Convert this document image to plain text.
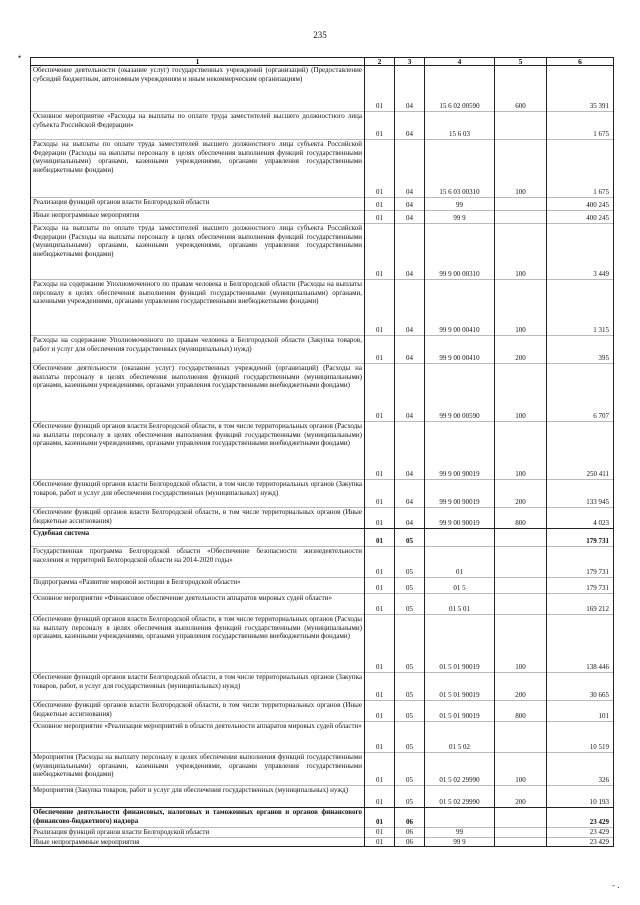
235
•
- .
1	2	3	4	5	6
Обеспечение деятельности (оказание услуг) государственных учреждений (организаций) (Предоставление субсидий бюджетным, автономным учреждениям и иным некоммерческим организациям)	01	04	15 6 02 00590	600	35 391
Основное мероприятие «Расходы на выплаты по оплате труда заместителей высшего должностного лица субъекта Российской Федерации»	01	04	15 6 03		1 675
Расходы на выплаты по оплате труда заместителей высшего должностного лица субъекта Российской Федерации (Расходы на выплаты персоналу в целях обеспечения выполнения функций государственными (муниципальными) органами, казенными учреждениями, органами управления государственными внебюджетными фондами)	01	04	15 6 03 00310	100	1 675
Реализация функций органов власти Белгородской области	01	04	99		400 245
Иные непрограммные мероприятия	01	04	99 9		400 245
Расходы на выплаты по оплате труда заместителей высшего должностного лица субъекта Российской Федерации (Расходы на выплаты персоналу в целях обеспечения выполнения функций государственными (муниципальными) органами, казенными учреждениями, органами управления государственными внебюджетными фондами)	01	04	99 9 00 00310	100	3 449
Расходы на содержание Уполномоченного по правам человека в Белгородской области (Расходы на выплаты персоналу в целях обеспечения выполнения функций государственными (муниципальными) органами, казенными учреждениями, органами управления государственными внебюджетными фондами)	01	04	99 9 00 00410	100	1 315
Расходы на содержание Уполномоченного по правам человека в Белгородской области (Закупка товаров, работ и услуг для обеспечения государственных (муниципальных) нужд)	01	04	99 9 00 00410	200	395
Обеспечение деятельности (оказание услуг) государственных учреждений (организаций) (Расходы на выплаты персоналу в целях обеспечения выполнения функций государственными (муниципальными) органами, казенными учреждениями, органами управления государственными внебюджетными фондами)	01	04	99 9 00 00590	100	6 707
Обеспечение функций органов власти Белгородской области, в том числе территориальных органов (Расходы на выплаты персоналу в целях обеспечения выполнения функций государственными (муниципальными) органами, казенными учреждениями, органами управления государственными внебюджетными фондами)	01	04	99 9 00 90019	100	250 411
Обеспечение функций органов власти Белгородской области, в том числе территориальных органов (Закупка товаров, работ и услуг для обеспечения государственных (муниципальных) нужд)	01	04	99 9 00 90019	200	133 945
Обеспечение функций органов власти Белгородской области, в том числе территориальных органов (Иные бюджетные ассигнования)	01	04	99 9 00 90019	800	4 023
Судебная система	01	05			179 731
Государственная программа Белгородской области «Обеспечение безопасности жизнедеятельности населения и территорий Белгородской области на 2014-2020 годы»	01	05	01		179 731
Подпрограмма «Развитие мировой юстиции в Белгородской области»	01	05	01 5		179 731
Основное мероприятие «Финансовое обеспечение деятельности аппаратов мировых судей области»	01	05	01 5 01		169 212
Обеспечение функций органов власти Белгородской области, в том числе территориальных органов (Расходы на выплату персоналу в целях обеспечения выполнения функций государственными (муниципальными) органами, казенными учреждениями, органами управления государственными внебюджетными фондами)	01	05	01 5 01 90019	100	138 446
Обеспечение функций органов власти Белгородской области, в том числе территориальных органов (Закупка товаров, работ, и услуг для государственных (муниципальных) нужд)	01	05	01 5 01 90019	200	30 665
Обеспечение функций органов власти Белгородской области, в том числе территориальных органов (Иные бюджетные ассигнования)	01	05	01 5 01 90019	800	101
Основное мероприятие «Реализация мероприятий в области деятельности аппаратов мировых судей области»	01	05	01 5 02		10 519
Мероприятия (Расходы на выплату персоналу в целях обеспечения выполнения функций государственными (муниципальными) органами, казенными учреждениями, органами управления государственными внебюджетными фондами)	01	05	01 5 02 29990	100	326
Мероприятия (Закупка товаров, работ и услуг для обеспечения государственных (муниципальных) нужд)	01	05	01 5 02 29990	200	10 193
Обеспечение деятельности финансовых, налоговых и таможенных органов и органов финансового (финансово-бюджетного) надзора	01	06			23 429
Реализация функций органов власти Белгородской области	01	06	99		23 429
Иные непрограммные мероприятия	01	06	99 9		23 429
